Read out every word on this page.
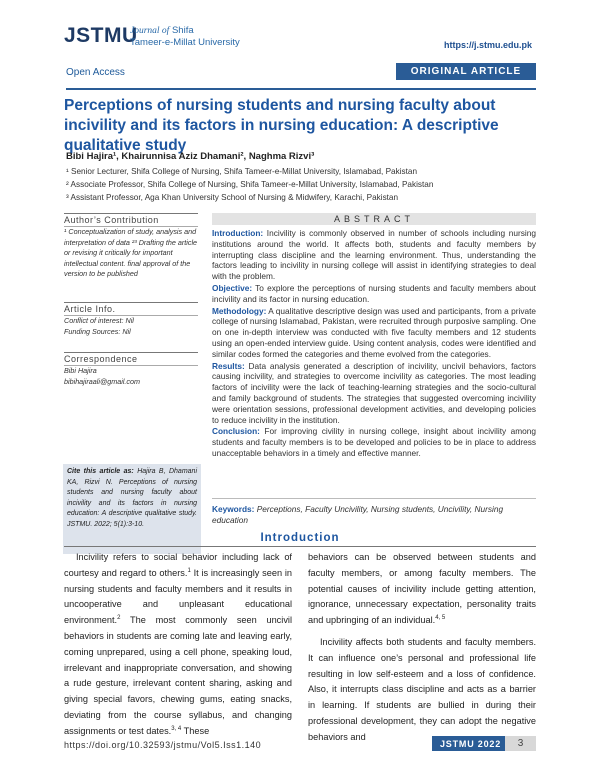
JSTMU
Journal of Shifa
Tameer-e-Millat University	https://j.stmu.edu.pk
Open Access	ORIGINAL ARTICLE
Perceptions of nursing students and nursing faculty about incivility and its factors in nursing education: A descriptive qualitative study
Bibi Hajira¹, Khairunnisa Aziz Dhamani², Naghma Rizvi³
¹ Senior Lecturer, Shifa College of Nursing, Shifa Tameer-e-Millat University, Islamabad, Pakistan
² Associate Professor, Shifa College of Nursing, Shifa Tameer-e-Millat University, Islamabad, Pakistan
³ Assistant Professor, Aga Khan University School of Nursing & Midwifery, Karachi, Pakistan
Author’s Contribution
¹ Conceptualization of study, analysis and interpretation of data ²³ Drafting the article or revising it critically for important intellectual content. final approval of the version to be published
Article Info.
Conflict of interest: Nil
Funding Sources: Nil
Correspondence
Bibi Hajira
bibihajiraali@gmail.com
Cite this article as: Hajira B, Dhamani KA, Rizvi N. Perceptions of nursing students and nursing faculty about incivility and its factors in nursing education: A descriptive qualitative study. JSTMU. 2022; 5(1):3-10.
ABSTRACT

Introduction: Incivility is commonly observed in number of schools including nursing institutions around the world. It affects both, students and faculty members by interrupting class discipline and the learning environment. Thus, understanding the factors leading to incivility in nursing college will assist in identifying strategies to deal with the problem.

Objective: To explore the perceptions of nursing students and faculty members about incivility and its factor in nursing education.

Methodology: A qualitative descriptive design was used and participants, from a private college of nursing Islamabad, Pakistan, were recruited through purposive sampling. One on one in-depth interview was conducted with five faculty members and 12 students using an open-ended interview guide. Using content analysis, codes were identified and similar codes formed the categories and theme evolved from the categories.

Results: Data analysis generated a description of incivility, uncivil behaviors, factors causing incivility, and strategies to overcome incivility as categories. The most leading factors of incivility were the lack of teaching-learning strategies and the socio-cultural and family background of students. The strategies that suggested overcoming incivility were orientation sessions, professional development activities, and developing policies to reduce incivility in the institution.

Conclusion: For improving civility in nursing college, insight about incivility among students and faculty members is to be developed and policies to be in place to address unacceptable behaviors in a timely and effective manner.

Keywords: Perceptions, Faculty Uncivility, Nursing students, Uncivility, Nursing education
Introduction

Incivility refers to social behavior including lack of courtesy and regard to others.$^1$ It is increasingly seen in nursing students and faculty members and it results in uncooperative and unpleasant educational environment.$^2$ The most commonly seen uncivil behaviors in students are coming late and leaving early, coming unprepared, using a cell phone, speaking loud, irrelevant and inappropriate conversation, and showing a rude gesture, irrelevant content sharing, asking and giving special favors, chewing gums, eating snacks, deviating from the course syllabus, and changing assignments or test dates.$^{3, 4}$ These

behaviors can be observed between students and faculty members, or among faculty members. The potential causes of incivility include getting attention, ignorance, unnecessary expectation, personality traits and upbringing of an individual.$^{4, 5}$

Incivility affects both students and faculty members. It can influence one’s personal and professional life resulting in low self-esteem and a loss of confidence. Also, it interrupts class discipline and acts as a barrier in learning. If students are bullied in during their professional development, they can adopt the negative behaviors and

https://doi.org/10.32593/jstmu/Vol5.Iss1.140	JSTMU 2022	3
